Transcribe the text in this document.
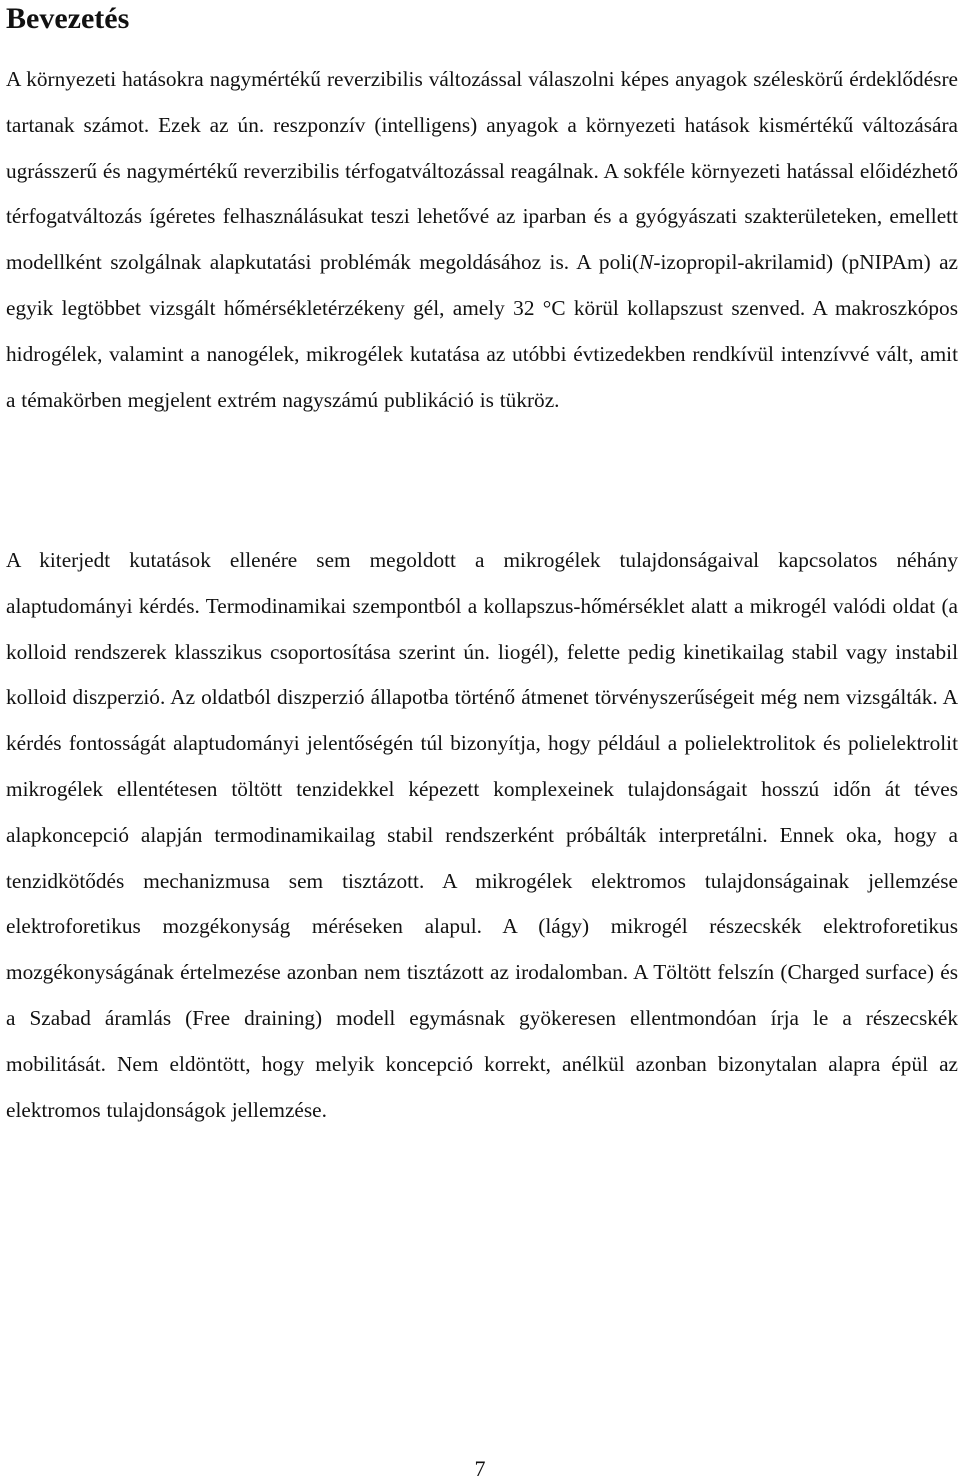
Bevezetés

A környezeti hatásokra nagymértékű reverzibilis változással válaszolni képes anyagok széleskörű érdeklődésre tartanak számot. Ezek az ún. reszponzív (intelligens) anyagok a környezeti hatások kismértékű változására ugrásszerű és nagymértékű reverzibilis térfogatváltozással reagálnak. A sokféle környezeti hatással előidézhető térfogatváltozás ígéretes felhasználásukat teszi lehetővé az iparban és a gyógyászati szakterületeken, emellett modellként szolgálnak alapkutatási problémák megoldásához is. A poli(N-izopropil-akrilamid) (pNIPAm) az egyik legtöbbet vizsgált hőmérsékletérzékeny gél, amely 32 °C körül kollapszust szenved. A makroszkópos hidrogélek, valamint a nanogélek, mikrogélek kutatása az utóbbi évtizedekben rendkívül intenzívvé vált, amit a témakörben megjelent extrém nagyszámú publikáció is tükröz.

A kiterjedt kutatások ellenére sem megoldott a mikrogélek tulajdonságaival kapcsolatos néhány alaptudományi kérdés. Termodinamikai szempontból a kollapszus-hőmérséklet alatt a mikrogél valódi oldat (a kolloid rendszerek klasszikus csoportosítása szerint ún. liogél), felette pedig kinetikailag stabil vagy instabil kolloid diszperzió. Az oldatból diszperzió állapotba történő átmenet törvényszerűségeit még nem vizsgálták. A kérdés fontosságát alaptudományi jelentőségén túl bizonyítja, hogy például a polielektrolitok és polielektrolit mikrogélek ellentétesen töltött tenzidekkel képezett komplexeinek tulajdonságait hosszú időn át téves alapkoncepció alapján termodinamikailag stabil rendszerként próbálták interpretálni. Ennek oka, hogy a tenzidkötődés mechanizmusa sem tisztázott. A mikrogélek elektromos tulajdonságainak jellemzése elektroforetikus mozgékonyság méréseken alapul. A (lágy) mikrogél részecskék elektroforetikus mozgékonyságának értelmezése azonban nem tisztázott az irodalomban. A Töltött felszín (Charged surface) és a Szabad áramlás (Free draining) modell egymásnak gyökeresen ellentmondóan írja le a részecskék mobilitását. Nem eldöntött, hogy melyik koncepció korrekt, anélkül azonban bizonytalan alapra épül az elektromos tulajdonságok jellemzése.

7
